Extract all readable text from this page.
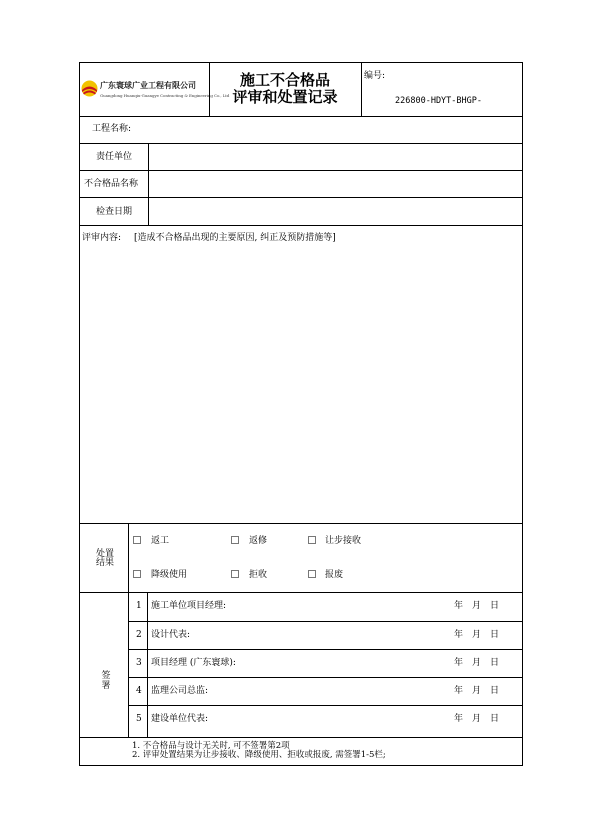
广东寰球广业工程有限公司
Guangdong Huanqiu-Guangye Contracting & Engineering Co., Ltd
施工不合格品
评审和处置记录
编号:
226800-HDYT-BHGP-
工程名称:
责任单位
不合格品名称
检查日期
评审内容: [造成不合格品出现的主要原因, 纠正及预防措施等]
处置
结果
返工	返修	让步接收
降级使用	拒收	报废
签
署
1 施工单位项目经理:	年　月　日
2 设计代表:	年　月　日
3 项目经理 (广东寰球):	年　月　日
4 监理公司总监:	年　月　日
5 建设单位代表:	年　月　日
1. 不合格品与设计无关时, 可不签署第2项
2. 评审处置结果为让步接收、降级使用、拒收或报废, 需签署1-5栏;
